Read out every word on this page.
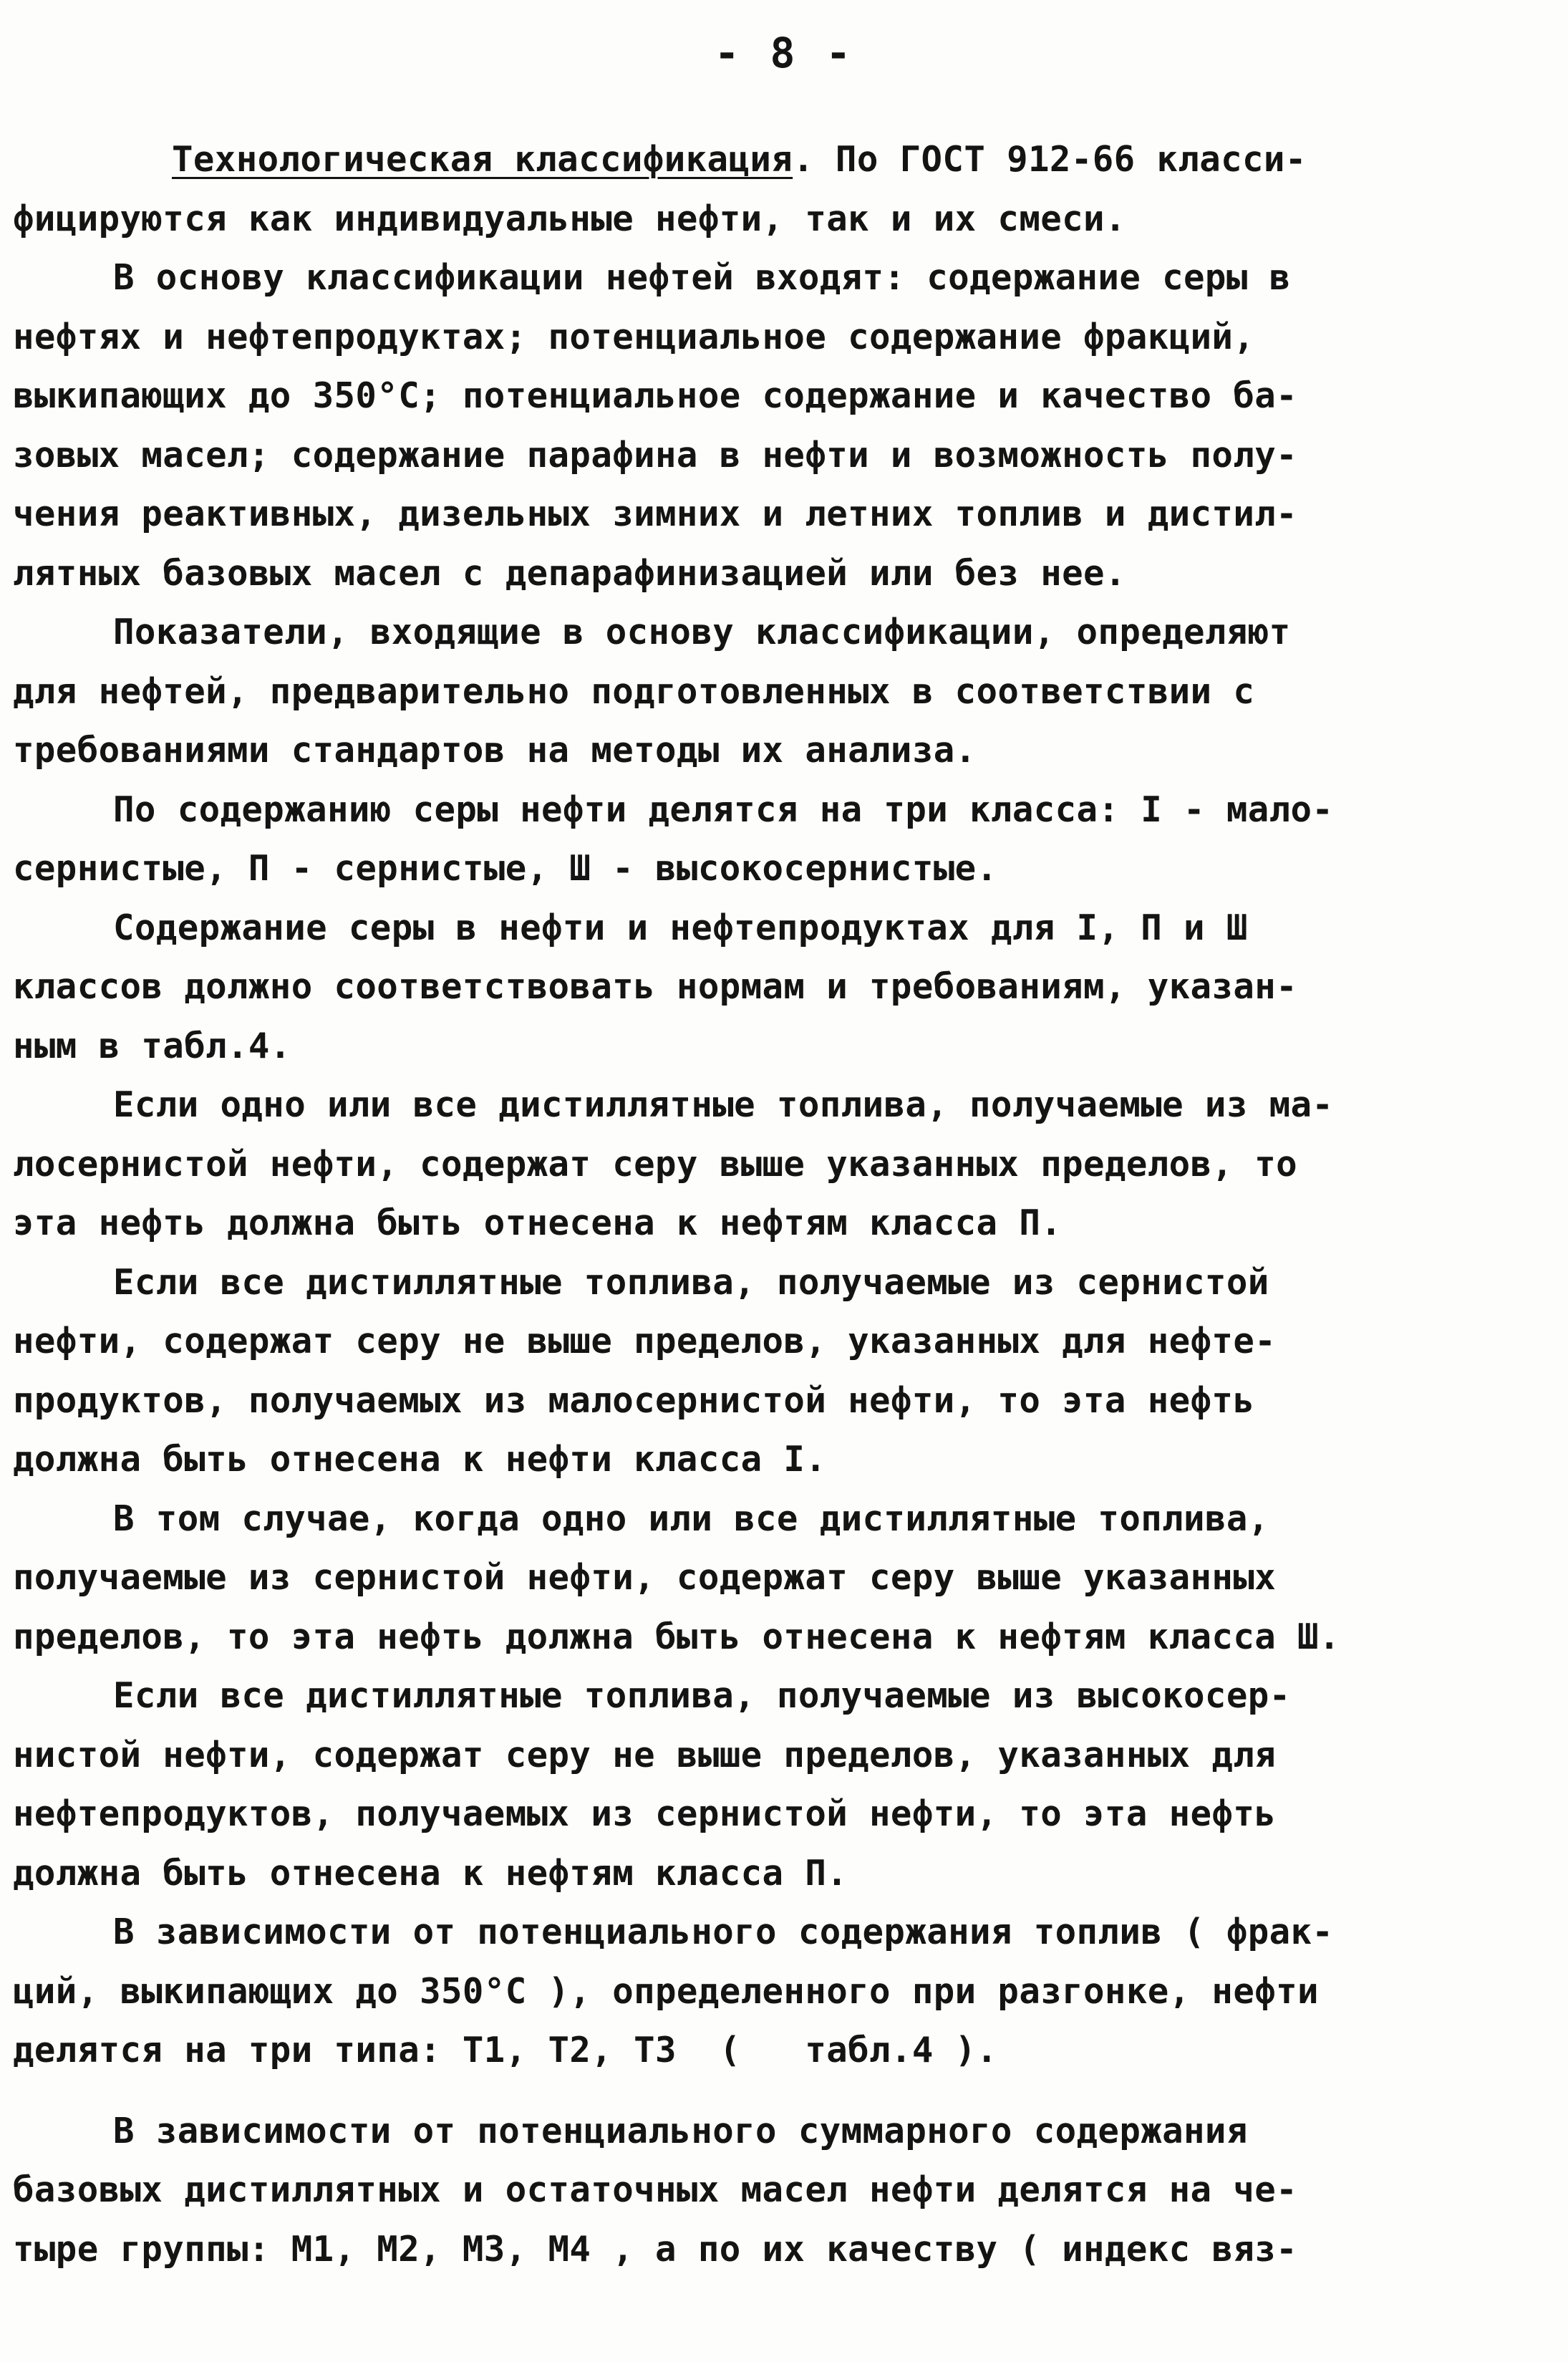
- 8 -
Технологическая классификация. По ГОСТ 912-66 класси-
фицируются как индивидуальные нефти, так и их смеси.
В основу классификации нефтей входят: содержание серы в
нефтях и нефтепродуктах; потенциальное содержание фракций,
выкипающих до 350°С; потенциальное содержание и качество ба-
зовых масел; содержание парафина в нефти и возможность полу-
чения реактивных, дизельных зимних и летних топлив и дистил-
лятных базовых масел с депарафинизацией или без нее.
Показатели, входящие в основу классификации, определяют
для нефтей, предварительно подготовленных в соответствии с
требованиями стандартов на методы их анализа.
По содержанию серы нефти делятся на три класса: I - мало-
сернистые, П - сернистые, Ш - высокосернистые.
Содержание серы в нефти и нефтепродуктах для I, П и Ш
классов должно соответствовать нормам и требованиям, указан-
ным в табл.4.
Если одно или все дистиллятные топлива, получаемые из ма-
лосернистой нефти, содержат серу выше указанных пределов, то
эта нефть должна быть отнесена к нефтям класса П.
Если все дистиллятные топлива, получаемые из сернистой
нефти, содержат серу не выше пределов, указанных для нефте-
продуктов, получаемых из малосернистой нефти, то эта нефть
должна быть отнесена к нефти класса I.
В том случае, когда одно или все дистиллятные топлива,
получаемые из сернистой нефти, содержат серу выше указанных
пределов, то эта нефть должна быть отнесена к нефтям класса Ш.
Если все дистиллятные топлива, получаемые из высокосер-
нистой нефти, содержат серу не выше пределов, указанных для
нефтепродуктов, получаемых из сернистой нефти, то эта нефть
должна быть отнесена к нефтям класса П.
В зависимости от потенциального содержания топлив ( фрак-
ций, выкипающих до 350°С ), определенного при разгонке, нефти
делятся на три типа: Т1, Т2, Т3  (   табл.4 ).
В зависимости от потенциального суммарного содержания
базовых дистиллятных и остаточных масел нефти делятся на че-
тыре группы: М1, М2, М3, М4 , а по их качеству ( индекс вяз-
